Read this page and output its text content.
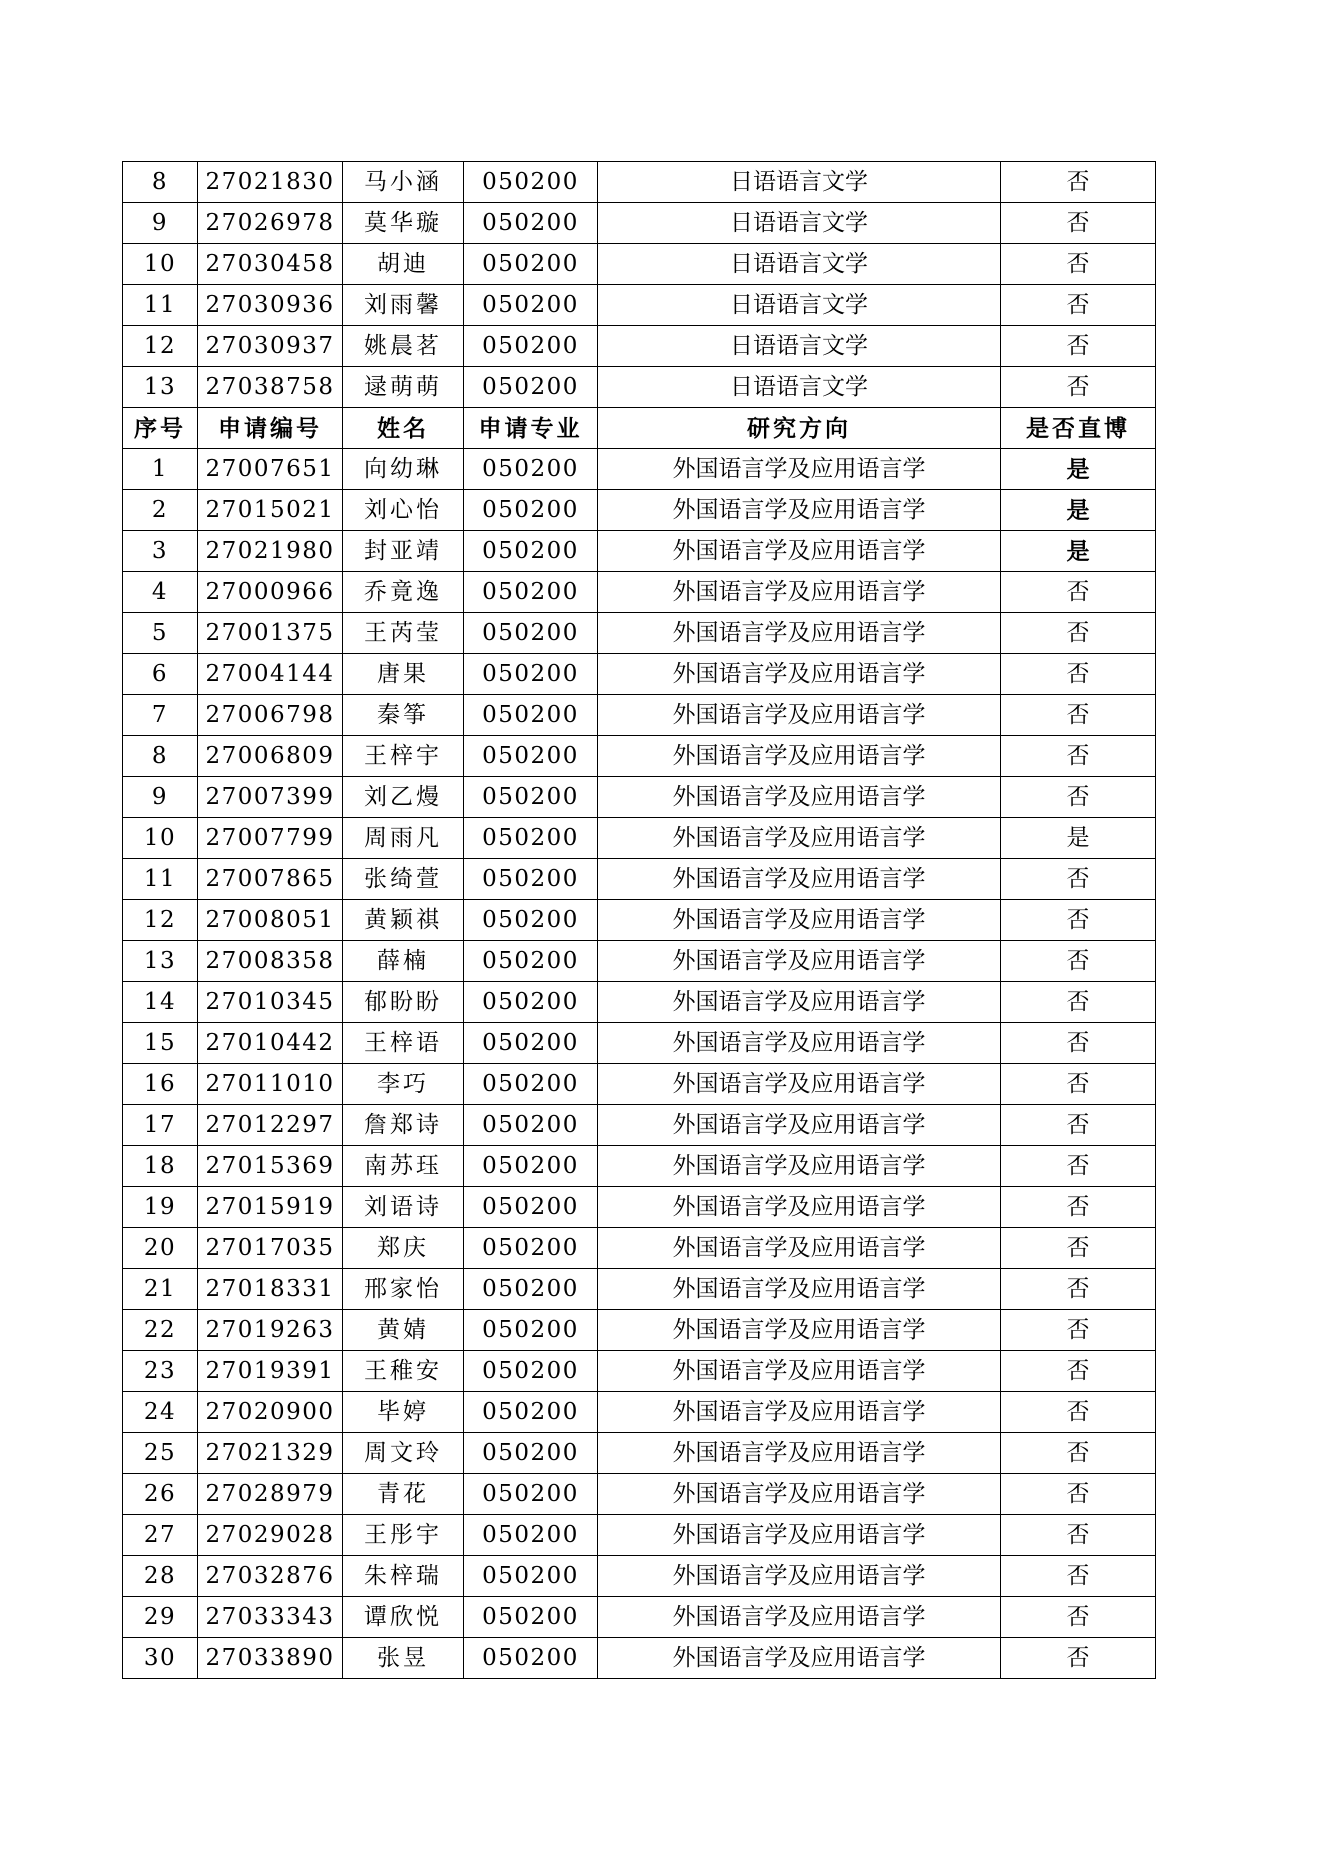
8	27021830	马小涵	050200	日语语言文学	否
9	27026978	莫华璇	050200	日语语言文学	否
10	27030458	胡迪	050200	日语语言文学	否
11	27030936	刘雨馨	050200	日语语言文学	否
12	27030937	姚晨茗	050200	日语语言文学	否
13	27038758	逯萌萌	050200	日语语言文学	否
序号	申请编号	姓名	申请专业	研究方向	是否直博
1	27007651	向幼琳	050200	外国语言学及应用语言学	是
2	27015021	刘心怡	050200	外国语言学及应用语言学	是
3	27021980	封亚靖	050200	外国语言学及应用语言学	是
4	27000966	乔竟逸	050200	外国语言学及应用语言学	否
5	27001375	王芮莹	050200	外国语言学及应用语言学	否
6	27004144	唐果	050200	外国语言学及应用语言学	否
7	27006798	秦筝	050200	外国语言学及应用语言学	否
8	27006809	王梓宇	050200	外国语言学及应用语言学	否
9	27007399	刘乙熳	050200	外国语言学及应用语言学	否
10	27007799	周雨凡	050200	外国语言学及应用语言学	是
11	27007865	张绮萱	050200	外国语言学及应用语言学	否
12	27008051	黄颖祺	050200	外国语言学及应用语言学	否
13	27008358	薛楠	050200	外国语言学及应用语言学	否
14	27010345	郁盼盼	050200	外国语言学及应用语言学	否
15	27010442	王梓语	050200	外国语言学及应用语言学	否
16	27011010	李巧	050200	外国语言学及应用语言学	否
17	27012297	詹郑诗	050200	外国语言学及应用语言学	否
18	27015369	南苏珏	050200	外国语言学及应用语言学	否
19	27015919	刘语诗	050200	外国语言学及应用语言学	否
20	27017035	郑庆	050200	外国语言学及应用语言学	否
21	27018331	邢家怡	050200	外国语言学及应用语言学	否
22	27019263	黄婧	050200	外国语言学及应用语言学	否
23	27019391	王稚安	050200	外国语言学及应用语言学	否
24	27020900	毕婷	050200	外国语言学及应用语言学	否
25	27021329	周文玲	050200	外国语言学及应用语言学	否
26	27028979	青花	050200	外国语言学及应用语言学	否
27	27029028	王彤宇	050200	外国语言学及应用语言学	否
28	27032876	朱梓瑞	050200	外国语言学及应用语言学	否
29	27033343	谭欣悦	050200	外国语言学及应用语言学	否
30	27033890	张昱	050200	外国语言学及应用语言学	否
